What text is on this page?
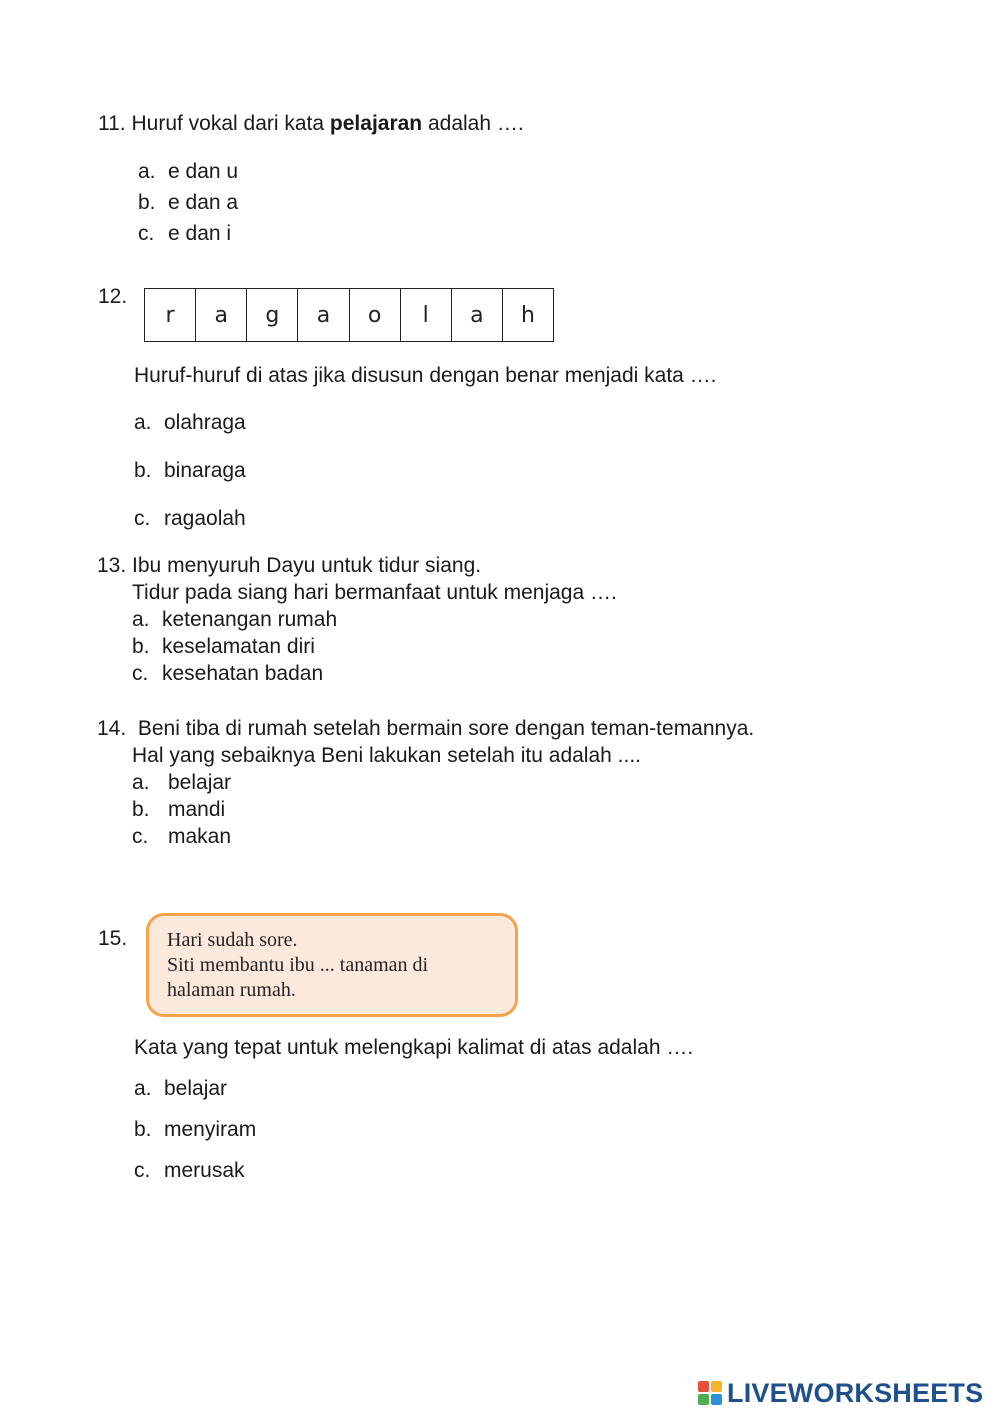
11. Huruf vokal dari kata pelajaran adalah ….
a. e dan u
b. e dan a
c. e dan i
12.
r	a	g	a	o	l	a	h
Huruf-huruf di atas jika disusun dengan benar menjadi kata ….
a. olahraga
b. binaraga
c. ragaolah
13. Ibu menyuruh Dayu untuk tidur siang.
Tidur pada siang hari bermanfaat untuk menjaga ….
a. ketenangan rumah
b. keselamatan diri
c. kesehatan badan
14. Beni tiba di rumah setelah bermain sore dengan teman-temannya.
Hal yang sebaiknya Beni lakukan setelah itu adalah ....
a. belajar
b. mandi
c. makan
15. Hari sudah sore.
Siti membantu ibu ... tanaman di
halaman rumah.
Kata yang tepat untuk melengkapi kalimat di atas adalah ….
a. belajar
b. menyiram
c. merusak
LIVEWORKSHEETS
